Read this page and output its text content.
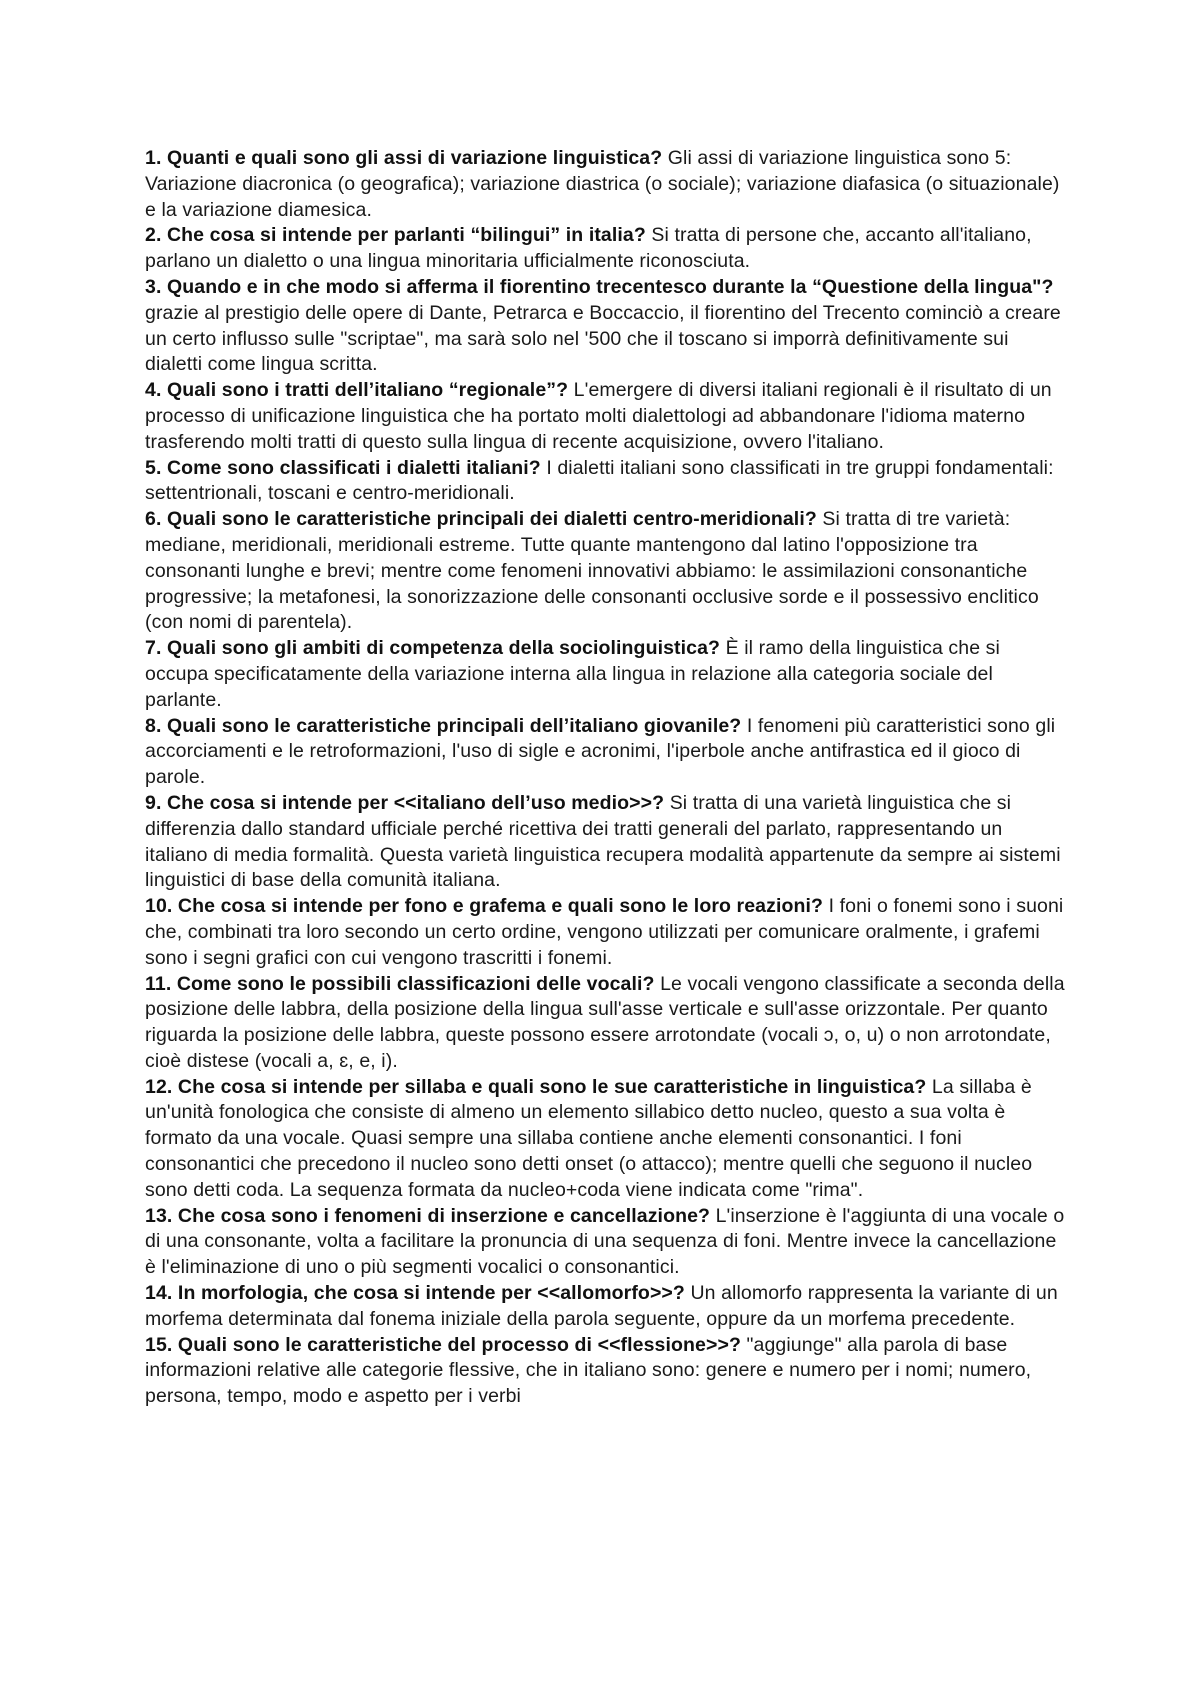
1. Quanti e quali sono gli assi di variazione linguistica? Gli assi di variazione linguistica sono 5: Variazione diacronica (o geografica); variazione diastrica (o sociale); variazione diafasica (o situazionale) e la variazione diamesica.

2. Che cosa si intende per parlanti “bilingui” in italia? Si tratta di persone che, accanto all'italiano,
parlano un dialetto o una lingua minoritaria ufficialmente riconosciuta.

3. Quando e in che modo si afferma il fiorentino trecentesco durante la “Questione della lingua"? grazie al prestigio delle opere di Dante, Petrarca e Boccaccio, il fiorentino del Trecento cominciò a creare un certo influsso sulle "scriptae", ma sarà solo nel '500 che il toscano si imporrà definitivamente sui dialetti come lingua scritta.

4. Quali sono i tratti dell’italiano “regionale”? L'emergere di diversi italiani regionali è il risultato di un processo di unificazione linguistica che ha portato molti dialettologi ad abbandonare l'idioma materno trasferendo molti tratti di questo sulla lingua di recente acquisizione, ovvero l'italiano.

5. Come sono classificati i dialetti italiani? I dialetti italiani sono classificati in tre gruppi fondamentali: settentrionali, toscani e centro-meridionali.

6. Quali sono le caratteristiche principali dei dialetti centro-meridionali? Si tratta di tre varietà: mediane, meridionali, meridionali estreme. Tutte quante mantengono dal latino l'opposizione tra consonanti lunghe e brevi; mentre come fenomeni innovativi abbiamo: le assimilazioni consonantiche progressive; la metafonesi, la sonorizzazione delle consonanti occlusive sorde e il possessivo enclitico (con nomi di parentela).

7. Quali sono gli ambiti di competenza della sociolinguistica? È il ramo della linguistica che si occupa specificatamente della variazione interna alla lingua in relazione alla categoria sociale del parlante.

8. Quali sono le caratteristiche principali dell’italiano giovanile? I fenomeni più caratteristici sono gli accorciamenti e le retroformazioni, l'uso di sigle e acronimi, l'iperbole anche antifrastica ed il gioco di parole.

9. Che cosa si intende per <<italiano dell’uso medio>>? Si tratta di una varietà linguistica che si differenzia dallo standard ufficiale perché ricettiva dei tratti generali del parlato, rappresentando un italiano di media formalità. Questa varietà linguistica recupera modalità appartenute da sempre ai sistemi linguistici di base della comunità italiana.

10. Che cosa si intende per fono e grafema e quali sono le loro reazioni? I foni o fonemi sono i suoni che, combinati tra loro secondo un certo ordine, vengono utilizzati per comunicare oralmente, i grafemi sono i segni grafici con cui vengono trascritti i fonemi.

11. Come sono le possibili classificazioni delle vocali? Le vocali vengono classificate a seconda della posizione delle labbra, della posizione della lingua sull'asse verticale e sull'asse orizzontale. Per quanto riguarda la posizione delle labbra, queste possono essere arrotondate (vocali ɔ, o, u) o non arrotondate, cioè distese (vocali a, ɛ, e, i).

12. Che cosa si intende per sillaba e quali sono le sue caratteristiche in linguistica? La sillaba è un'unità fonologica che consiste di almeno un elemento sillabico detto nucleo, questo a sua volta è formato da una vocale. Quasi sempre una sillaba contiene anche elementi consonantici. I foni consonantici che precedono il nucleo sono detti onset (o attacco); mentre quelli che seguono il nucleo sono detti coda. La sequenza formata da nucleo+coda viene indicata come "rima".

13. Che cosa sono i fenomeni di inserzione e cancellazione? L'inserzione è l'aggiunta di una vocale o di una consonante, volta a facilitare la pronuncia di una sequenza di foni. Mentre invece la cancellazione è l'eliminazione di uno o più segmenti vocalici o consonantici.

14. In morfologia, che cosa si intende per <<allomorfo>>? Un allomorfo rappresenta la variante di un morfema determinata dal fonema iniziale della parola seguente, oppure da un morfema precedente.

15. Quali sono le caratteristiche del processo di <<flessione>>? "aggiunge" alla parola di base informazioni relative alle categorie flessive, che in italiano sono: genere e numero per i nomi; numero, persona, tempo, modo e aspetto per i verbi
